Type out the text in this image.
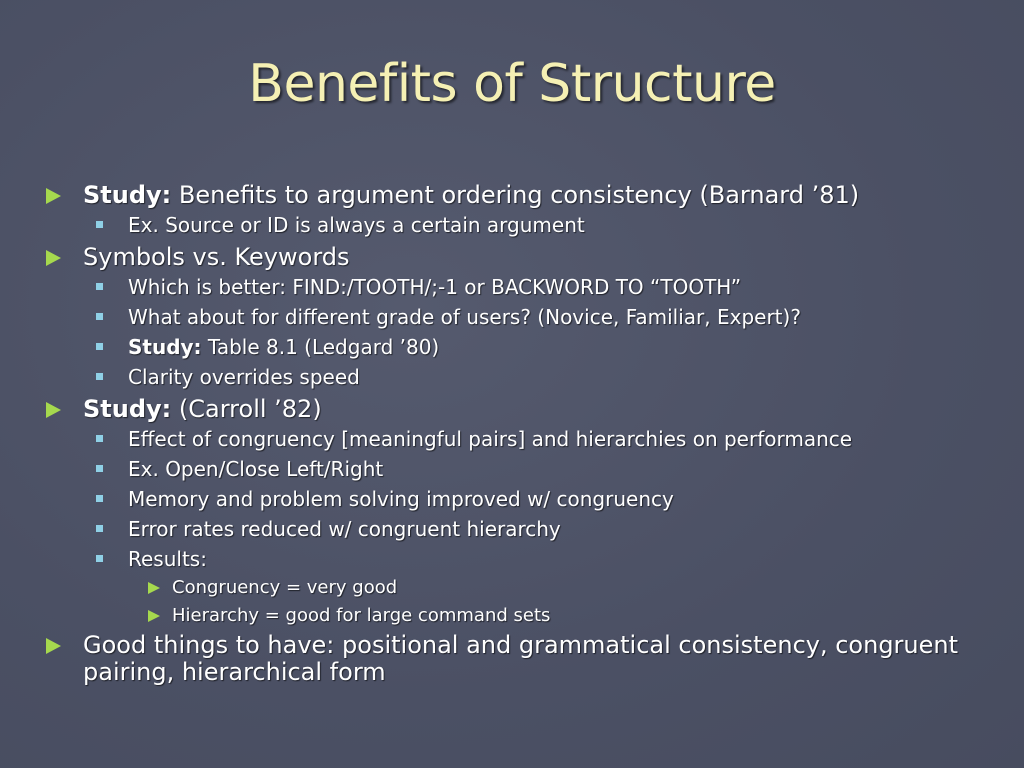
Benefits of Structure
Study: Benefits to argument ordering consistency (Barnard ’81)
Ex. Source or ID is always a certain argument
Symbols vs. Keywords
Which is better: FIND:/TOOTH/;-1 or BACKWORD TO “TOOTH”
What about for different grade of users? (Novice, Familiar, Expert)?
Study: Table 8.1 (Ledgard ’80)
Clarity overrides speed
Study: (Carroll ’82)
Effect of congruency [meaningful pairs] and hierarchies on performance
Ex. Open/Close Left/Right
Memory and problem solving improved w/ congruency
Error rates reduced w/ congruent hierarchy
Results:
Congruency = very good
Hierarchy = good for large command sets
Good things to have: positional and grammatical consistency, congruent pairing, hierarchical form
